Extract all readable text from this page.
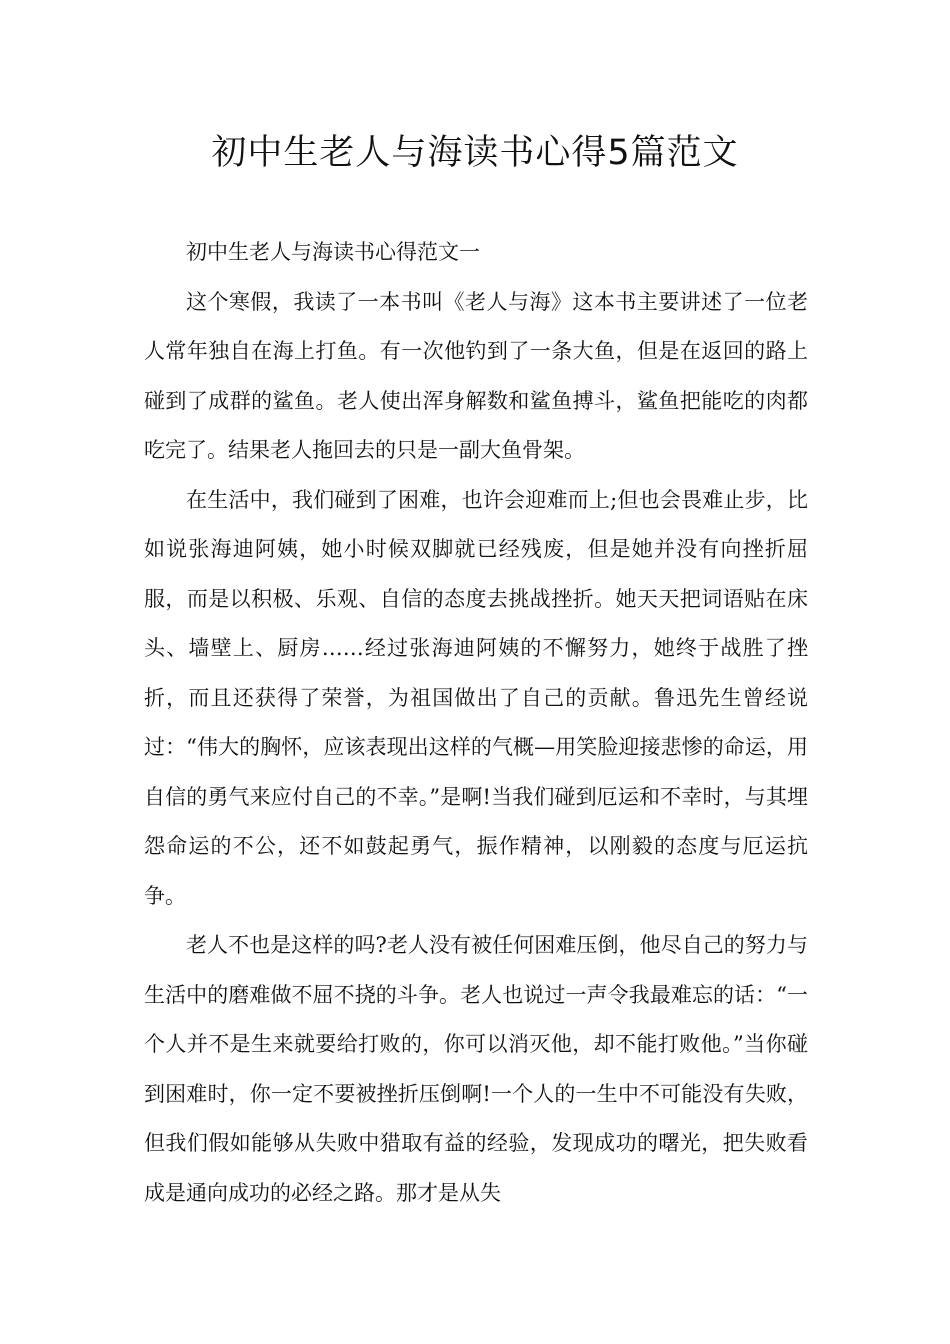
初中生老人与海读书心得5篇范文

初中生老人与海读书心得范文一

这个寒假，我读了一本书叫《老人与海》这本书主要讲述了一位老人常年独自在海上打鱼。有一次他钓到了一条大鱼，但是在返回的路上碰到了成群的鲨鱼。老人使出浑身解数和鲨鱼搏斗，鲨鱼把能吃的肉都吃完了。结果老人拖回去的只是一副大鱼骨架。

在生活中，我们碰到了困难，也许会迎难而上;但也会畏难止步，比如说张海迪阿姨，她小时候双脚就已经残废，但是她并没有向挫折屈服，而是以积极、乐观、自信的态度去挑战挫折。她天天把词语贴在床头、墙壁上、厨房……经过张海迪阿姨的不懈努力，她终于战胜了挫折，而且还获得了荣誉，为祖国做出了自己的贡献。鲁迅先生曾经说过：“伟大的胸怀，应该表现出这样的气概—用笑脸迎接悲惨的命运，用自信的勇气来应付自己的不幸。”是啊!当我们碰到厄运和不幸时，与其埋怨命运的不公，还不如鼓起勇气，振作精神，以刚毅的态度与厄运抗争。

老人不也是这样的吗?老人没有被任何困难压倒，他尽自己的努力与生活中的磨难做不屈不挠的斗争。老人也说过一声令我最难忘的话：“一个人并不是生来就要给打败的，你可以消灭他，却不能打败他。”当你碰到困难时，你一定不要被挫折压倒啊!一个人的一生中不可能没有失败，但我们假如能够从失败中猎取有益的经验，发现成功的曙光，把失败看成是通向成功的必经之路。那才是从失
